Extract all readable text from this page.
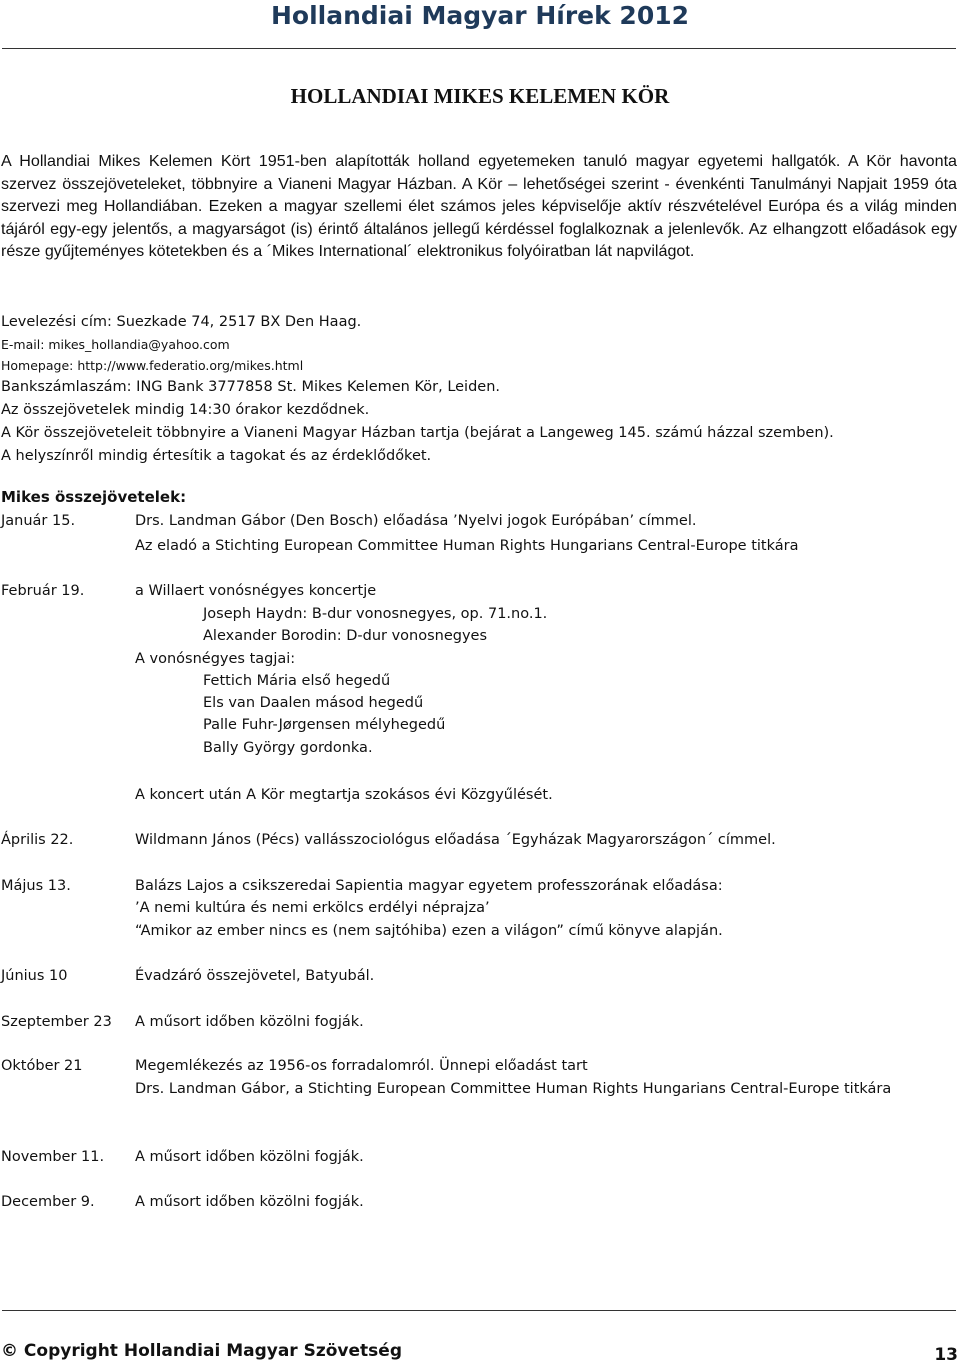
Hollandiai Magyar Hírek 2012
HOLLANDIAI MIKES KELEMEN KÖR

A Hollandiai Mikes Kelemen Kört 1951-ben alapították holland egyetemeken tanuló magyar egyetemi hallgatók. A Kör havonta szervez összejöveteleket, többnyire a Vianeni Magyar Házban. A Kör – lehetőségei szerint - évenkénti Tanulmányi Napjait 1959 óta szervezi meg Hollandiában. Ezeken a magyar szellemi élet számos jeles képviselője aktív részvételével Európa és a világ minden tájáról egy-egy jelentős, a magyarságot (is) érintő általános jellegű kérdéssel foglalkoznak a jelenlevők. Az elhangzott előadások egy része gyűjteményes kötetekben és a ´Mikes International´ elektronikus folyóiratban lát napvilágot.

Levelezési cím: Suezkade 74, 2517 BX Den Haag.
E-mail: mikes_hollandia@yahoo.com
Homepage: http://www.federatio.org/mikes.html
Bankszámlaszám: ING Bank 3777858 St. Mikes Kelemen Kör, Leiden.
Az összejövetelek mindig 14:30 órakor kezdődnek.
A Kör összejöveteleit többnyire a Vianeni Magyar Házban tartja (bejárat a Langeweg 145. számú házzal szemben).
A helyszínről mindig értesítik a tagokat és az érdeklődőket.
Mikes összejövetelek:
Január 15.	Drs. Landman Gábor (Den Bosch) előadása ’Nyelvi jogok Európában’ címmel.
Az eladó a Stichting European Committee Human Rights Hungarians Central-Europe titkára
Február 19.	a Willaert vonósnégyes koncertje
Joseph Haydn: B-dur vonosnegyes, op. 71.no.1.
Alexander Borodin: D-dur vonosnegyes
A vonósnégyes tagjai:
Fettich Mária első hegedű
Els van Daalen másod hegedű
Palle Fuhr-Jørgensen mélyhegedű
Bally György gordonka.
A koncert után A Kör megtartja szokásos évi Közgyűlését.
Április 22.	Wildmann János (Pécs) vallásszociológus előadása ´Egyházak Magyarországon´ címmel.
Május 13.	Balázs Lajos a csikszeredai Sapientia magyar egyetem professzorának előadása:
’A nemi kultúra és nemi erkölcs erdélyi néprajza’
“Amikor az ember nincs es (nem sajtóhiba) ezen a világon” című könyve alapján.
Június 10	Évadzáró összejövetel, Batyubál.
Szeptember 23 A műsort időben közölni fogják.
Október 21	Megemlékezés az 1956-os forradalomról. Ünnepi előadást tart
Drs. Landman Gábor, a Stichting European Committee Human Rights Hungarians Central-Europe titkára
November 11. A műsort időben közölni fogják.
December 9.	A műsort időben közölni fogják.
© Copyright Hollandiai Magyar Szövetség	13
